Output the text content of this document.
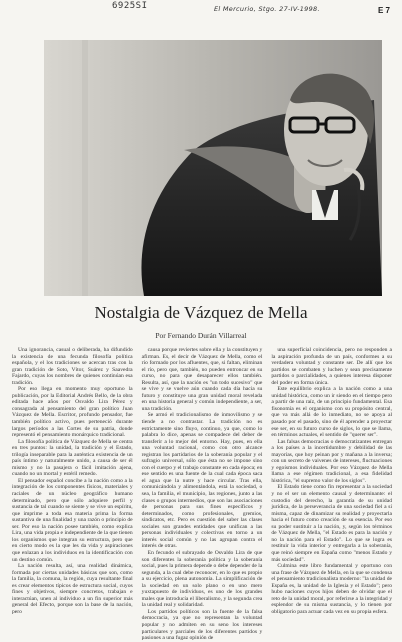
6925SI	El Mercurio, Stgo. 27-IV-1998.	E 7
Nostalgia de Vázquez de Mella
Por Fernando Durán Villarreal

Una ignorancia, casual o deliberada, ha difundido la existencia de una fecunda filosofía política española, y el los tradiciones se acercan tras con la gran tradición de Soto, Vítor, Suárez y Saavedra Fajardo, cuyas los nombres de quienes continúan esa tradición.

Por eso llega en momento muy oportuno la publicación, por la Editorial Andrés Bello, de la obra editada hace años por Osvaldo Lira Pérez y consagrada al pensamiento del gran político Juan Vázquez de Mella. Escritor, profundo pensador, fue también político activo, pues perteneció durante largos períodos a las Cortes de su patria, donde representó el pensamiento monárquico tradicional.

La filosofía política de Vázquez de Mella se centra en tres puntos: la unidad, la tradición y el Estado, trilogía inseparable para la auténtica existencia de un país íntimo y naturalmente unido, a causa de ser él mismo y no la pasajera o fácil imitación ajena, cuando no un mortal y estéril remedo.

El pensador español concibe a la nación como a la integración de los componentes físicos, materiales y raciales de un núcleo geográfico humano determinado, pero que sólo adquiere perfil y sustancia de tal cuando se siente y se vive un espíritu, que imprime a toda esa materia prima la forma sustantiva de una finalidad y una razón o principio de ser. Por eso la nación posee también, como explica Lira, una vida propia e independiente de la que tienen los organismos que integran su estructura, pero que en cierto modo es la que les da vida y aspiraciones que enlazan a los individuos en la identificación con un destino común.

La nación resulta, así, una realidad dinámica, formada por ciertas unidades básicas que son, como la familia, la comuna, la región, cuya resultante final es crear elementos típicos de estructura social, cuyos fines y objetivos, siempre concretos, trabajan e interactúan, unen al individuo a un fin superior más general del Efecto, porque son la base de la nación, pero

causa porque reviertes sobre ella y la constituyen y afirman. Es, el decir de Vázquez de Mella, como el río formado por los afluentes, que, si faltan, eliminan el río, pero que, también, no pueden entroncar en su curso, no para que desaparecer ellos también. Resulta, así, que la nación es "un todo sucesivo" que se vive y se vuelve aún cuando cada día hacia su futuro y constituye una gran unidad moral revelada en una historia general y común independiente, a ser, una tradición.

Se armó el tradicionalismo de inmovilismo y se tiende a no contrastar. La tradición no es estrictamente sino fluyo, continuo, ya que, como lo palabra lo dice, apenas se compadece del deber de transferir a lo mejor del entorno. Hay, pues, en ella una voluntad racional, como con otro alcance registran los partidarios de la soberanía popular y el sufragio universal, sólo que ésta no se impone sino con el cuerpo y el trabajo constante en cada época; en ese sentido es una fuente de la cual cada época saca el agua que la nutre y hace circular. Tras ella, comunicándola y alimentándola, está la sociedad, o sea, la familia, el municipio, las regiones, junto a las clases o grupos intermedios, que son las asociaciones de personas para sus fines específicos y determinados, como profesionales, gremios, sindicatos, etc. Pero es cuestión del saber las clases sociales son grandes entidades que unifican a las personas individuales y colectivas en torno a un interés social común y no las agrupan contra el interés de otras.

En fecundo el subrayado de Osvaldo Lira de que son diferentes la soberanía política y la soberanía social, pues la primera depende o debe depender de la segunda, a la cual debe reconocer, en lo que es propio a su ejercicio, plena autonomía. La simplificación de la sociedad en un solo plano o en uno mero yuxtapuesto de individuos, es uno de los grandes males que introducía el liberalismo, y la segunda crea la unidad real y solidaridad.

Los partidos políticos son la fuente de la falsa democracia, ya que no representan la voluntad popular y no admiten en su seno los intereses particulares y parciales de los diferentes partidos y pasiones a una fugaz opinión de

una superficial coincidencia, pero no responden a la aspiración profunda de un país, conformes a su verdadera voluntad y constante ser. De allí que los partidos se combaten y luchen y sean precisamente partidos o parcialidades, a quienes interesa disponer del poder en forma única.

Este equilibrio explica a la nación como a una unidad histórica, como un ir siendo en el tiempo pero a partir de una raíz, de un principio fundamental. Esa fisonomía es el organismo con su propósito central, que va más allá de lo inmediato, no se apoya al pasado por el pasado, sino de él aprender a proyectar ese ser, en su futuro curso de siglos, lo que se llama, en términos actuales, el sentido de "querer ser".

Las falsas democracias o democratizantes entregan a los países a la incertidumbre y debilidad de las mayorías, que hoy peinan por y mañana a la inversa; con un secreto de vaivenes de intereses, fluctuaciones y egoísmos individuales. Por eso Vázquez de Mella llama a ese régimen tradicional, a esa fidelidad histórica, "el supremo valor de los siglos".

El Estado tiene como fin representar a la sociedad y no el ser un elemento causal y determinante: el custodio del derecho, la garantía de su unidad jurídica, de la perseverancia de una sociedad fiel a sí misma, capaz de dinamizar su realidad y proyectarla hacia el futuro como creación de su esencia. Por eso su poder sustituir a la nación, y, según los términos de Vázquez de Mella, "el Estado es para la nación y no la nación para el Estado". Lo que se logra es restituir la vida interior y entregarla a la soberanía, que reinó siempre en España como "menos Estado y más sociedad".

Culmina este libro fundamental y oportuno con una frase de Vázquez de Mella, en la que se condensa el pensamiento tradicionalista moderno: "la unidad de España es, la unidad de la Iglesia y el Estado"; pero hubo naciones cuyos hijos deben de olvidar que el reto de la unidad moral, por referirse a la integridad y esplendor de su misma sustancia, y lo tienen por obligatorio para actuar cada vez en su propia esfera.
